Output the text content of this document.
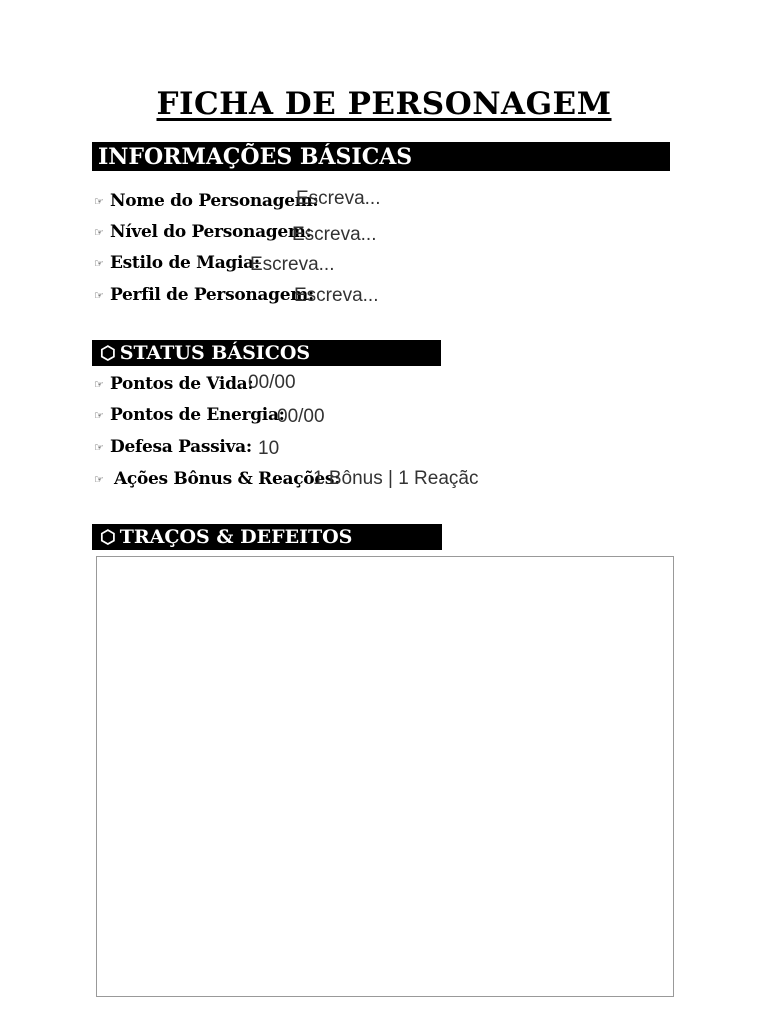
FICHA DE PERSONAGEM
INFORMAÇÕES BÁSICAS
☞ Nome do Personagem:
Escreva...
☞ Nível do Personagem:
Escreva...
☞ Estilo de Magia:
Escreva...
☞ Perfil de Personagem:
Escreva...
⬡ STATUS BÁSICOS
☞ Pontos de Vida:
00/00
☞ Pontos de Energia:
00/00
☞ Defesa Passiva: 10
☞ Ações Bônus & Reações:
1 Bônus | 1 Reaçãc
⬡ TRAÇOS & DEFEITOS
